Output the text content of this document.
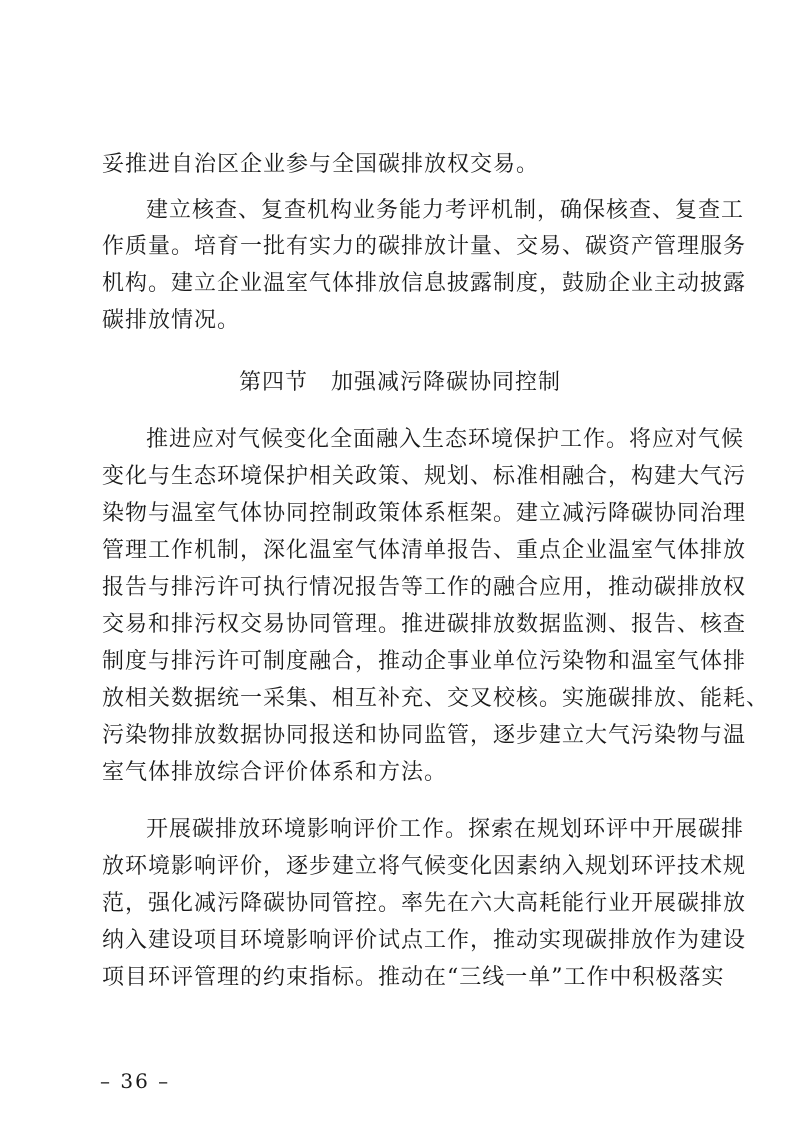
妥推进自治区企业参与全国碳排放权交易。
建立核查、复查机构业务能力考评机制，确保核查、复查工
作质量。培育一批有实力的碳排放计量、交易、碳资产管理服务
机构。建立企业温室气体排放信息披露制度，鼓励企业主动披露
碳排放情况。
第四节　加强减污降碳协同控制
推进应对气候变化全面融入生态环境保护工作。将应对气候
变化与生态环境保护相关政策、规划、标准相融合，构建大气污
染物与温室气体协同控制政策体系框架。建立减污降碳协同治理
管理工作机制，深化温室气体清单报告、重点企业温室气体排放
报告与排污许可执行情况报告等工作的融合应用，推动碳排放权
交易和排污权交易协同管理。推进碳排放数据监测、报告、核查
制度与排污许可制度融合，推动企事业单位污染物和温室气体排
放相关数据统一采集、相互补充、交叉校核。实施碳排放、能耗、
污染物排放数据协同报送和协同监管，逐步建立大气污染物与温
室气体排放综合评价体系和方法。
开展碳排放环境影响评价工作。探索在规划环评中开展碳排
放环境影响评价，逐步建立将气候变化因素纳入规划环评技术规
范，强化减污降碳协同管控。率先在六大高耗能行业开展碳排放
纳入建设项目环境影响评价试点工作，推动实现碳排放作为建设
项目环评管理的约束指标。推动在“三线一单”工作中积极落实
– 36 –
